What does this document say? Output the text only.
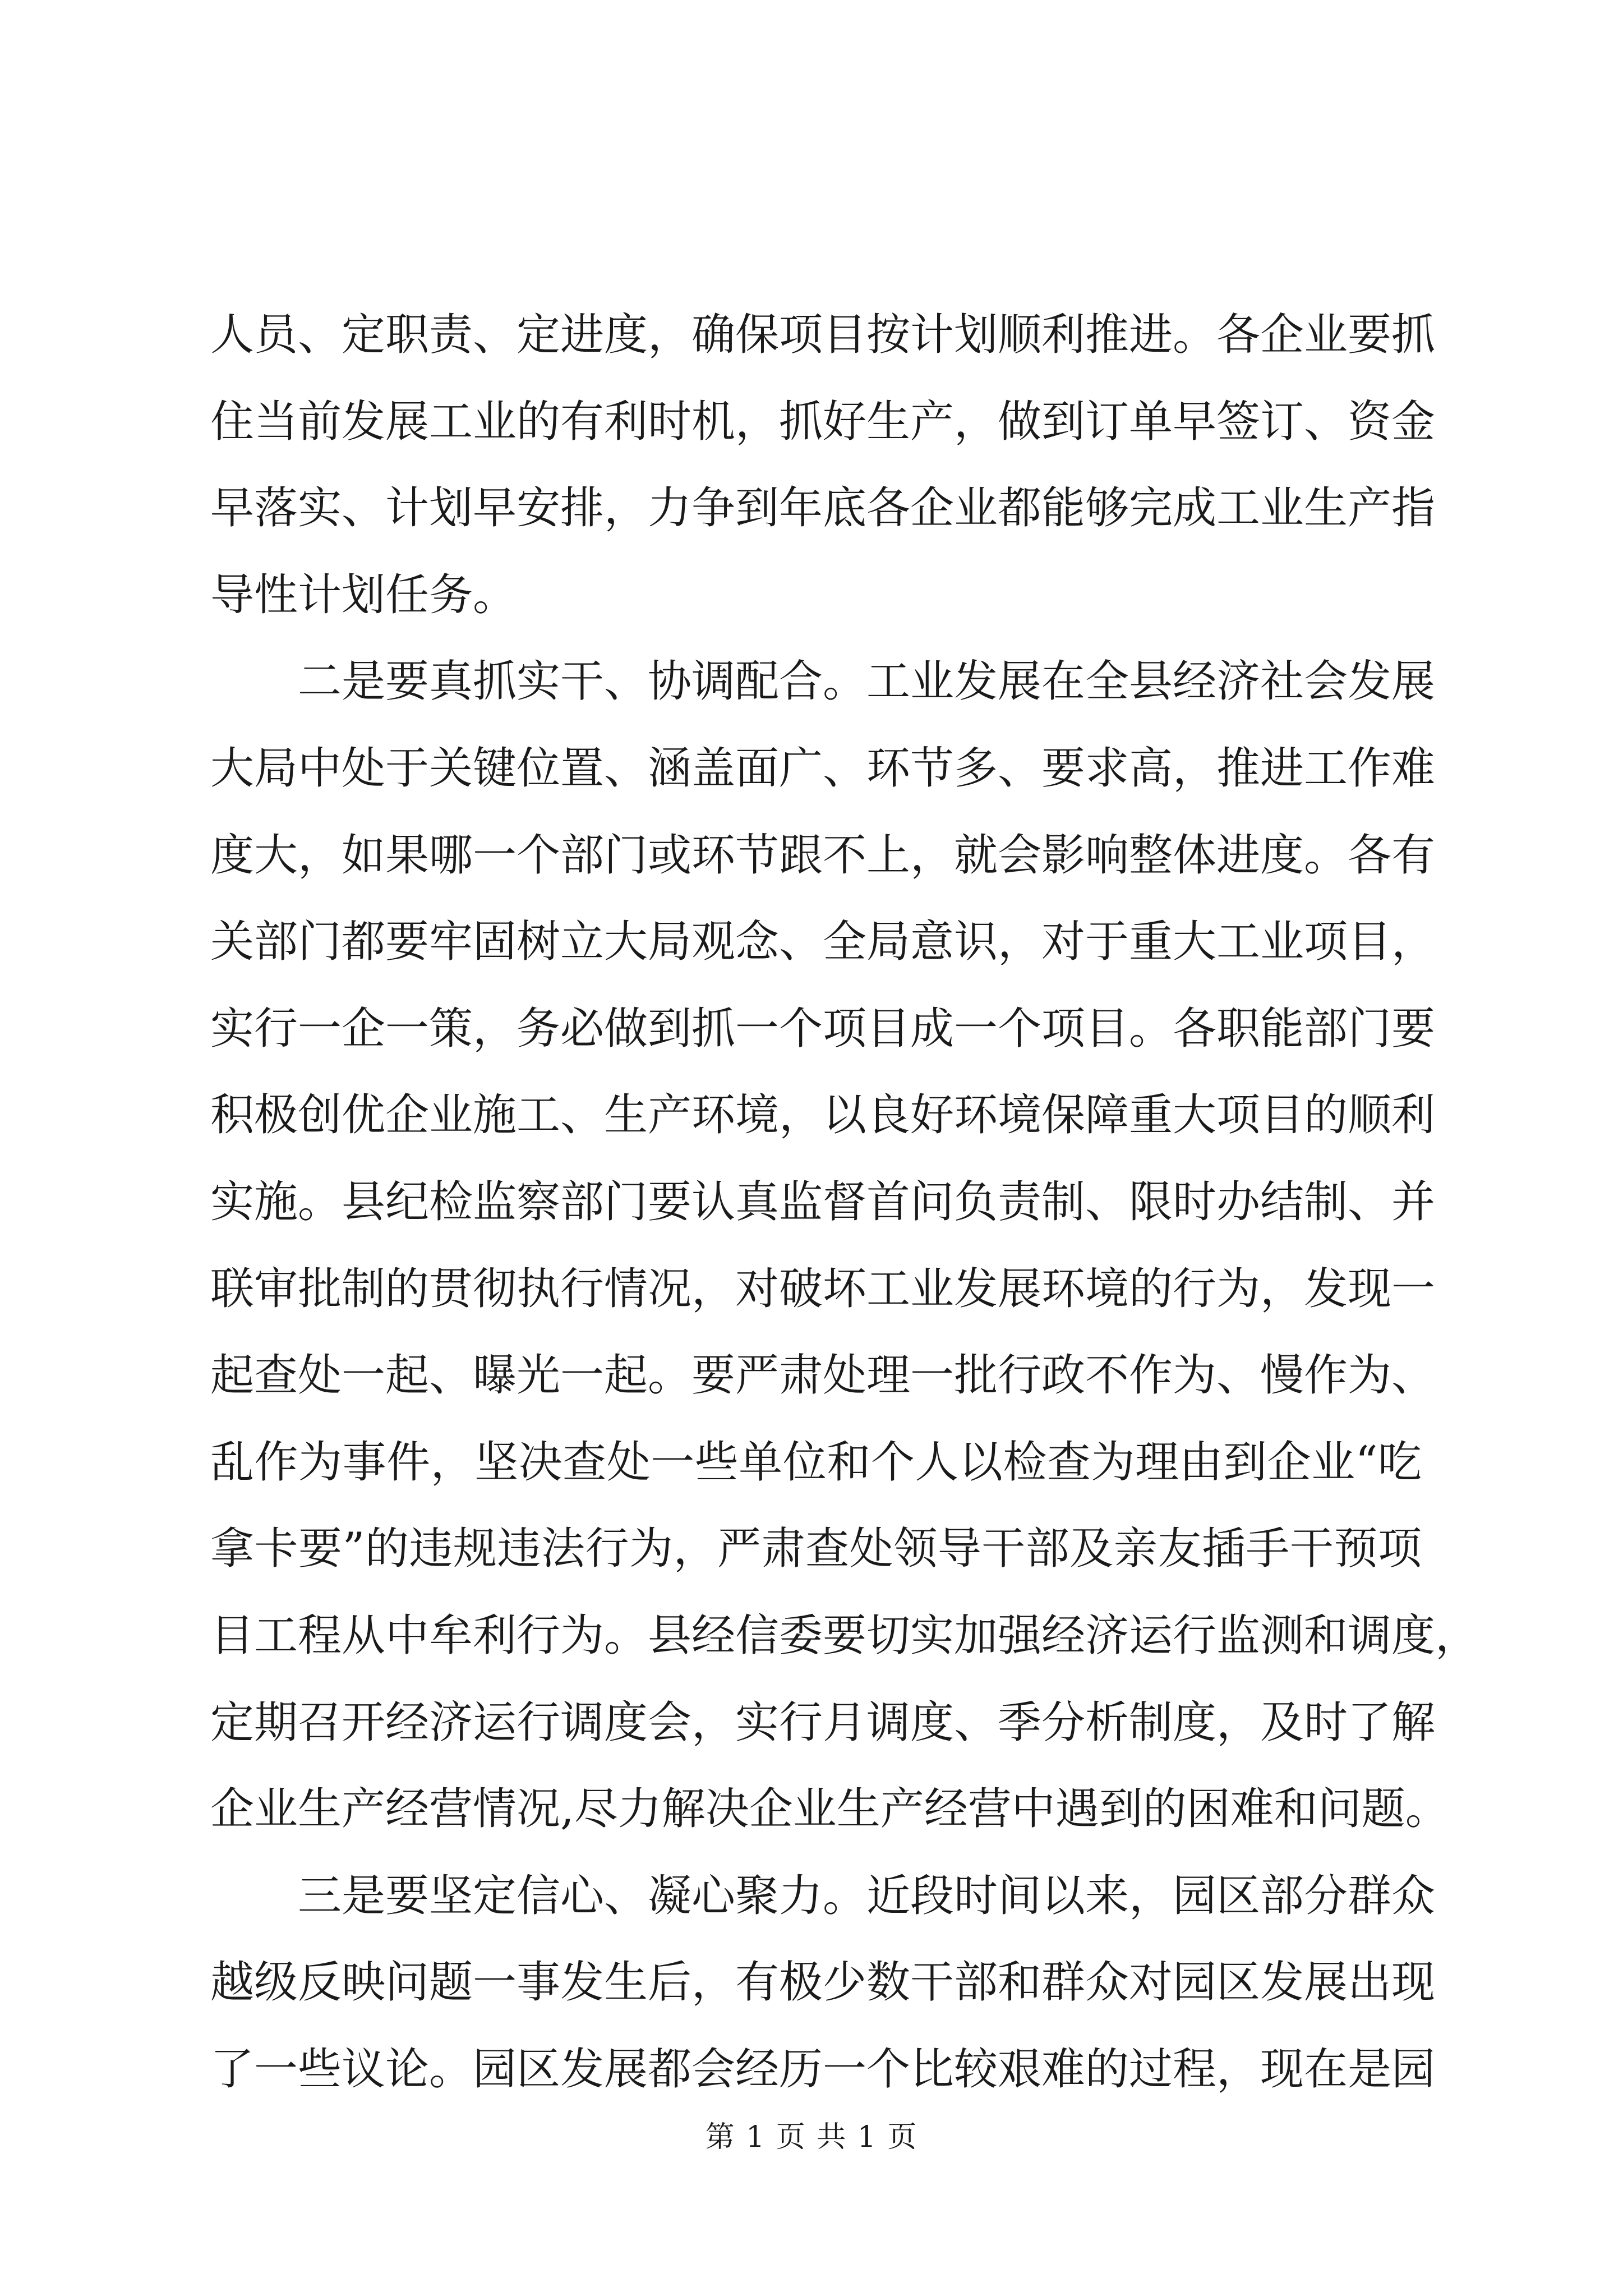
人员、定职责、定进度，确保项目按计划顺利推进。各企业要抓
住当前发展工业的有利时机，抓好生产，做到订单早签订、资金
早落实、计划早安排，力争到年底各企业都能够完成工业生产指
导性计划任务。
　　二是要真抓实干、协调配合。工业发展在全县经济社会发展
大局中处于关键位置、涵盖面广、环节多、要求高，推进工作难
度大，如果哪一个部门或环节跟不上，就会影响整体进度。各有
关部门都要牢固树立大局观念、全局意识，对于重大工业项目，
实行一企一策，务必做到抓一个项目成一个项目。各职能部门要
积极创优企业施工、生产环境，以良好环境保障重大项目的顺利
实施。县纪检监察部门要认真监督首问负责制、限时办结制、并
联审批制的贯彻执行情况，对破坏工业发展环境的行为，发现一
起查处一起、曝光一起。要严肃处理一批行政不作为、慢作为、
乱作为事件，坚决查处一些单位和个人以检查为理由到企业“吃
拿卡要”的违规违法行为，严肃查处领导干部及亲友插手干预项
目工程从中牟利行为。县经信委要切实加强经济运行监测和调度，
定期召开经济运行调度会，实行月调度、季分析制度，及时了解
企业生产经营情况,尽力解决企业生产经营中遇到的困难和问题。
　　三是要坚定信心、凝心聚力。近段时间以来，园区部分群众
越级反映问题一事发生后，有极少数干部和群众对园区发展出现
了一些议论。园区发展都会经历一个比较艰难的过程，现在是园
第 1 页 共 1 页
